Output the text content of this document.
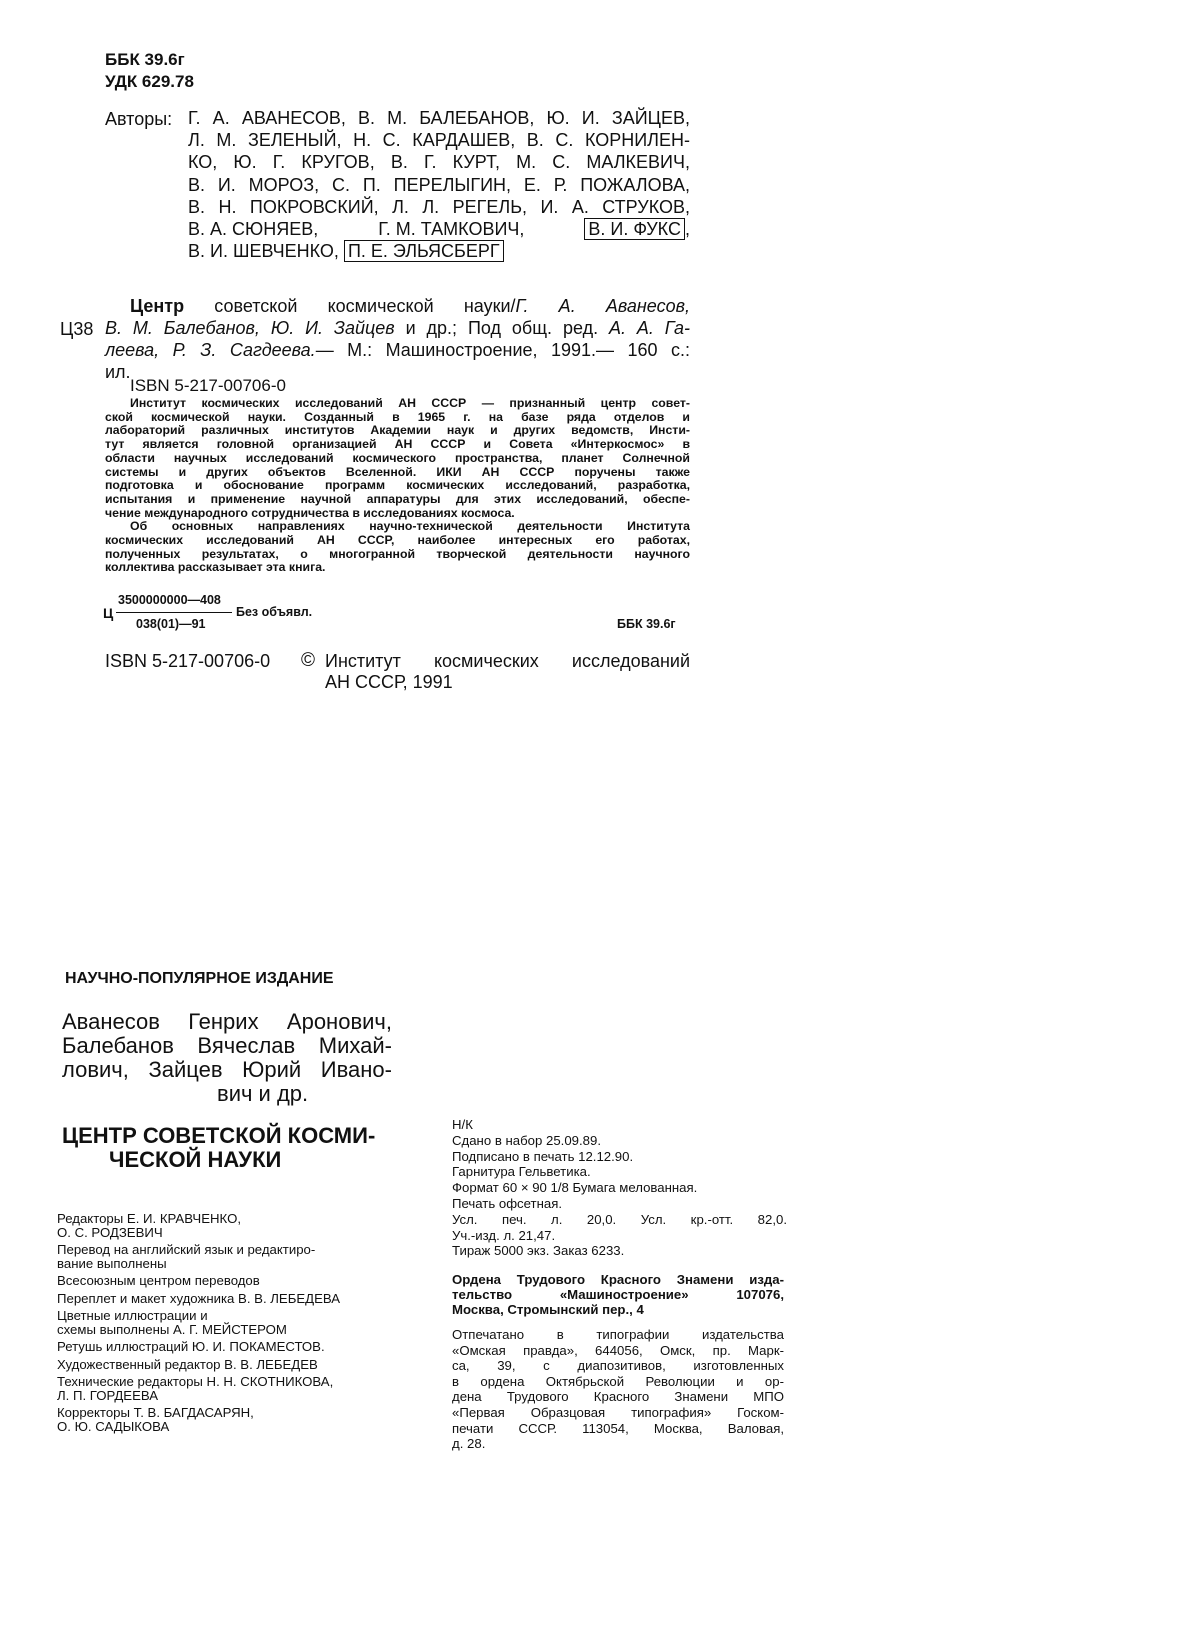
ББК 39.6г
УДК 629.78
Авторы: Г. А. АВАНЕСОВ, В. М. БАЛЕБАНОВ, Ю. И. ЗАЙЦЕВ,
Л. М. ЗЕЛЕНЫЙ, Н. С. КАРДАШЕВ, В. С. КОРНИЛЕН-
КО, Ю. Г. КРУГОВ, В. Г. КУРТ, М. С. МАЛКЕВИЧ,
В. И. МОРОЗ, С. П. ПЕРЕЛЫГИН, Е. Р. ПОЖАЛОВА,
В. Н. ПОКРОВСКИЙ, Л. Л. РЕГЕЛЬ, И. А. СТРУКОВ,
В. А. СЮНЯЕВ,	Г. М. ТАМКОВИЧ,	В. И. ФУКС ,
В. И. ШЕВЧЕНКО, П. Е. ЭЛЬЯСБЕРГ
Ц38
Центр советской космической науки/Г. А. Аванесов,
В. М. Балебанов, Ю. И. Зайцев и др.; Под общ. ред. А. А. Га-
леева, Р. З. Сагдеева.— М.: Машиностроение, 1991.— 160 с.:
ил.
ISBN 5-217-00706-0
Институт космических исследований АН СССР — признанный центр совет-
ской космической науки. Созданный в 1965 г. на базе ряда отделов и
лабораторий различных институтов Академии наук и других ведомств, Инсти-
тут является головной организацией АН СССР и Совета «Интеркосмос» в
области научных исследований космического пространства, планет Солнечной
системы и других объектов Вселенной. ИКИ АН СССР поручены также
подготовка и обоснование программ космических исследований, разработка,
испытания и применение научной аппаратуры для этих исследований, обеспе-
чение международного сотрудничества в исследованиях космоса.
Об основных направлениях научно-технической деятельности Института
космических исследований АН СССР, наиболее интересных его работах,
полученных результатах, о многогранной творческой деятельности научного
коллектива рассказывает эта книга.
Ц
3500000000—408
038(01)—91
Без объявл.
ББК 39.6г
ISBN 5-217-00706-0 © Институт космических исследований
АН СССР, 1991
НАУЧНО-ПОПУЛЯРНОЕ ИЗДАНИЕ
Аванесов Генрих Аронович,
Балебанов Вячеслав Михай-
лович, Зайцев Юрий Ивано-
вич и др.
ЦЕНТР СОВЕТСКОЙ КОСМИ-
ЧЕСКОЙ НАУКИ
Редакторы Е. И. КРАВЧЕНКО,
О. С. РОДЗЕВИЧ
Перевод на английский язык и редактиро-
вание выполнены
Всесоюзным центром переводов
Переплет и макет художника В. В. ЛЕБЕДЕВА
Цветные иллюстрации и
схемы выполнены А. Г. МЕЙСТЕРОМ
Ретушь иллюстраций Ю. И. ПОКАМЕСТОВ.
Художественный редактор В. В. ЛЕБЕДЕВ
Технические редакторы Н. Н. СКОТНИКОВА,
Л. П. ГОРДЕЕВА
Корректоры Т. В. БАГДАСАРЯН,
О. Ю. САДЫКОВА
Н/К
Сдано в набор 25.09.89.
Подписано в печать 12.12.90.
Гарнитура Гельветика.
Формат 60 × 90 1/8 Бумага мелованная.
Печать офсетная.
Усл. печ. л. 20,0. Усл. кр.-отт. 82,0.
Уч.-изд. л. 21,47.
Тираж 5000 экз. Заказ 6233.
Ордена Трудового Красного Знамени изда-
тельство «Машиностроение» 107076,
Москва, Стромынский пер., 4
Отпечатано в типографии издательства
«Омская правда», 644056, Омск, пр. Марк-
са, 39, с диапозитивов, изготовленных
в ордена Октябрьской Революции и ор-
дена Трудового Красного Знамени МПО
«Первая Образцовая типография» Госком-
печати СССР. 113054, Москва, Валовая,
д. 28.
